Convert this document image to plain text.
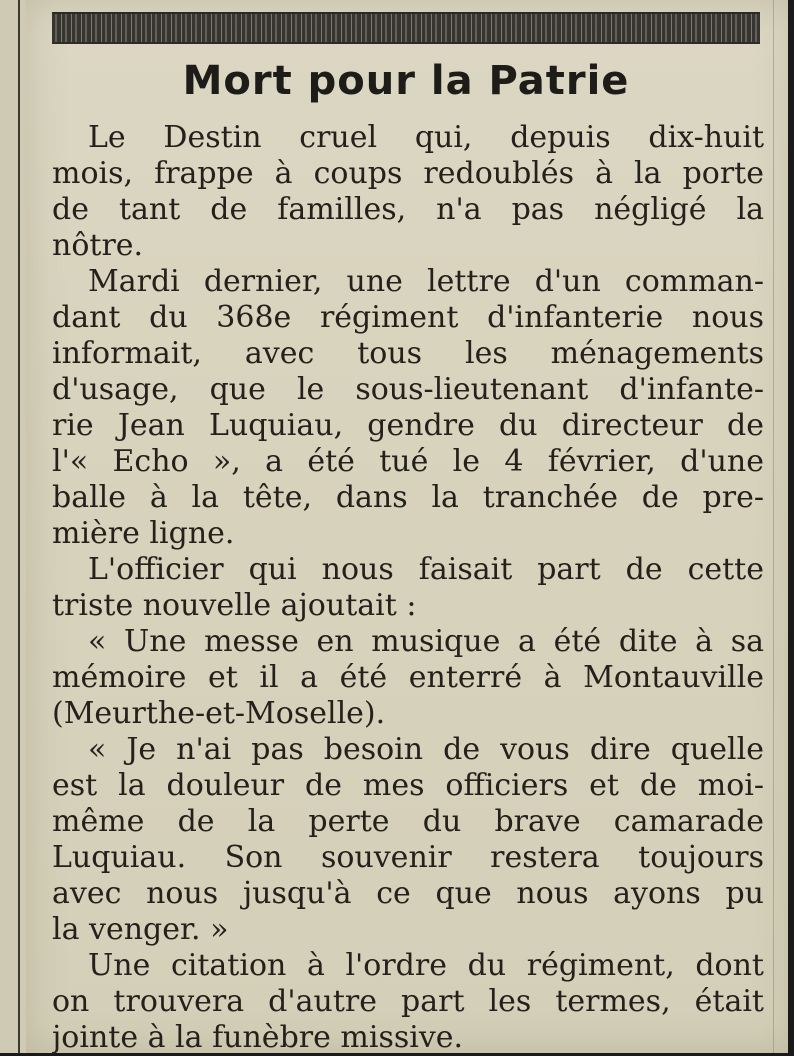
Mort pour la Patrie
Le Destin cruel qui, depuis dix-huit
mois, frappe à coups redoublés à la porte
de tant de familles, n'a pas négligé la
nôtre.
Mardi dernier, une lettre d'un comman-
dant du 368e régiment d'infanterie nous
informait, avec tous les ménagements
d'usage, que le sous-lieutenant d'infante-
rie Jean Luquiau, gendre du directeur de
l'« Echo », a été tué le 4 février, d'une
balle à la tête, dans la tranchée de pre-
mière ligne.
L'officier qui nous faisait part de cette
triste nouvelle ajoutait :
« Une messe en musique a été dite à sa
mémoire et il a été enterré à Montauville
(Meurthe-et-Moselle).
« Je n'ai pas besoin de vous dire quelle
est la douleur de mes officiers et de moi-
même de la perte du brave camarade
Luquiau. Son souvenir restera toujours
avec nous jusqu'à ce que nous ayons pu
la venger. »
Une citation à l'ordre du régiment, dont
on trouvera d'autre part les termes, était
jointe à la funèbre missive.
